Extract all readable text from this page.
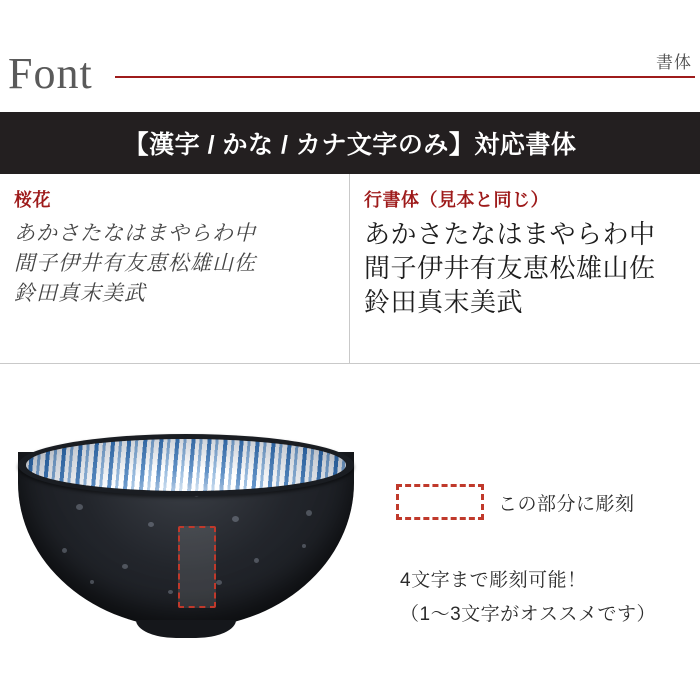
Font	書体
【漢字 / かな / カナ文字のみ】対応書体
桜花
あかさたなはまやらわ中
間子伊井有友恵松雄山佐
鈴田真末美武
行書体（見本と同じ）
あかさたなはまやらわ中
間子伊井有友恵松雄山佐
鈴田真末美武
この部分に彫刻
4文字まで彫刻可能！
（1〜3文字がオススメです）
